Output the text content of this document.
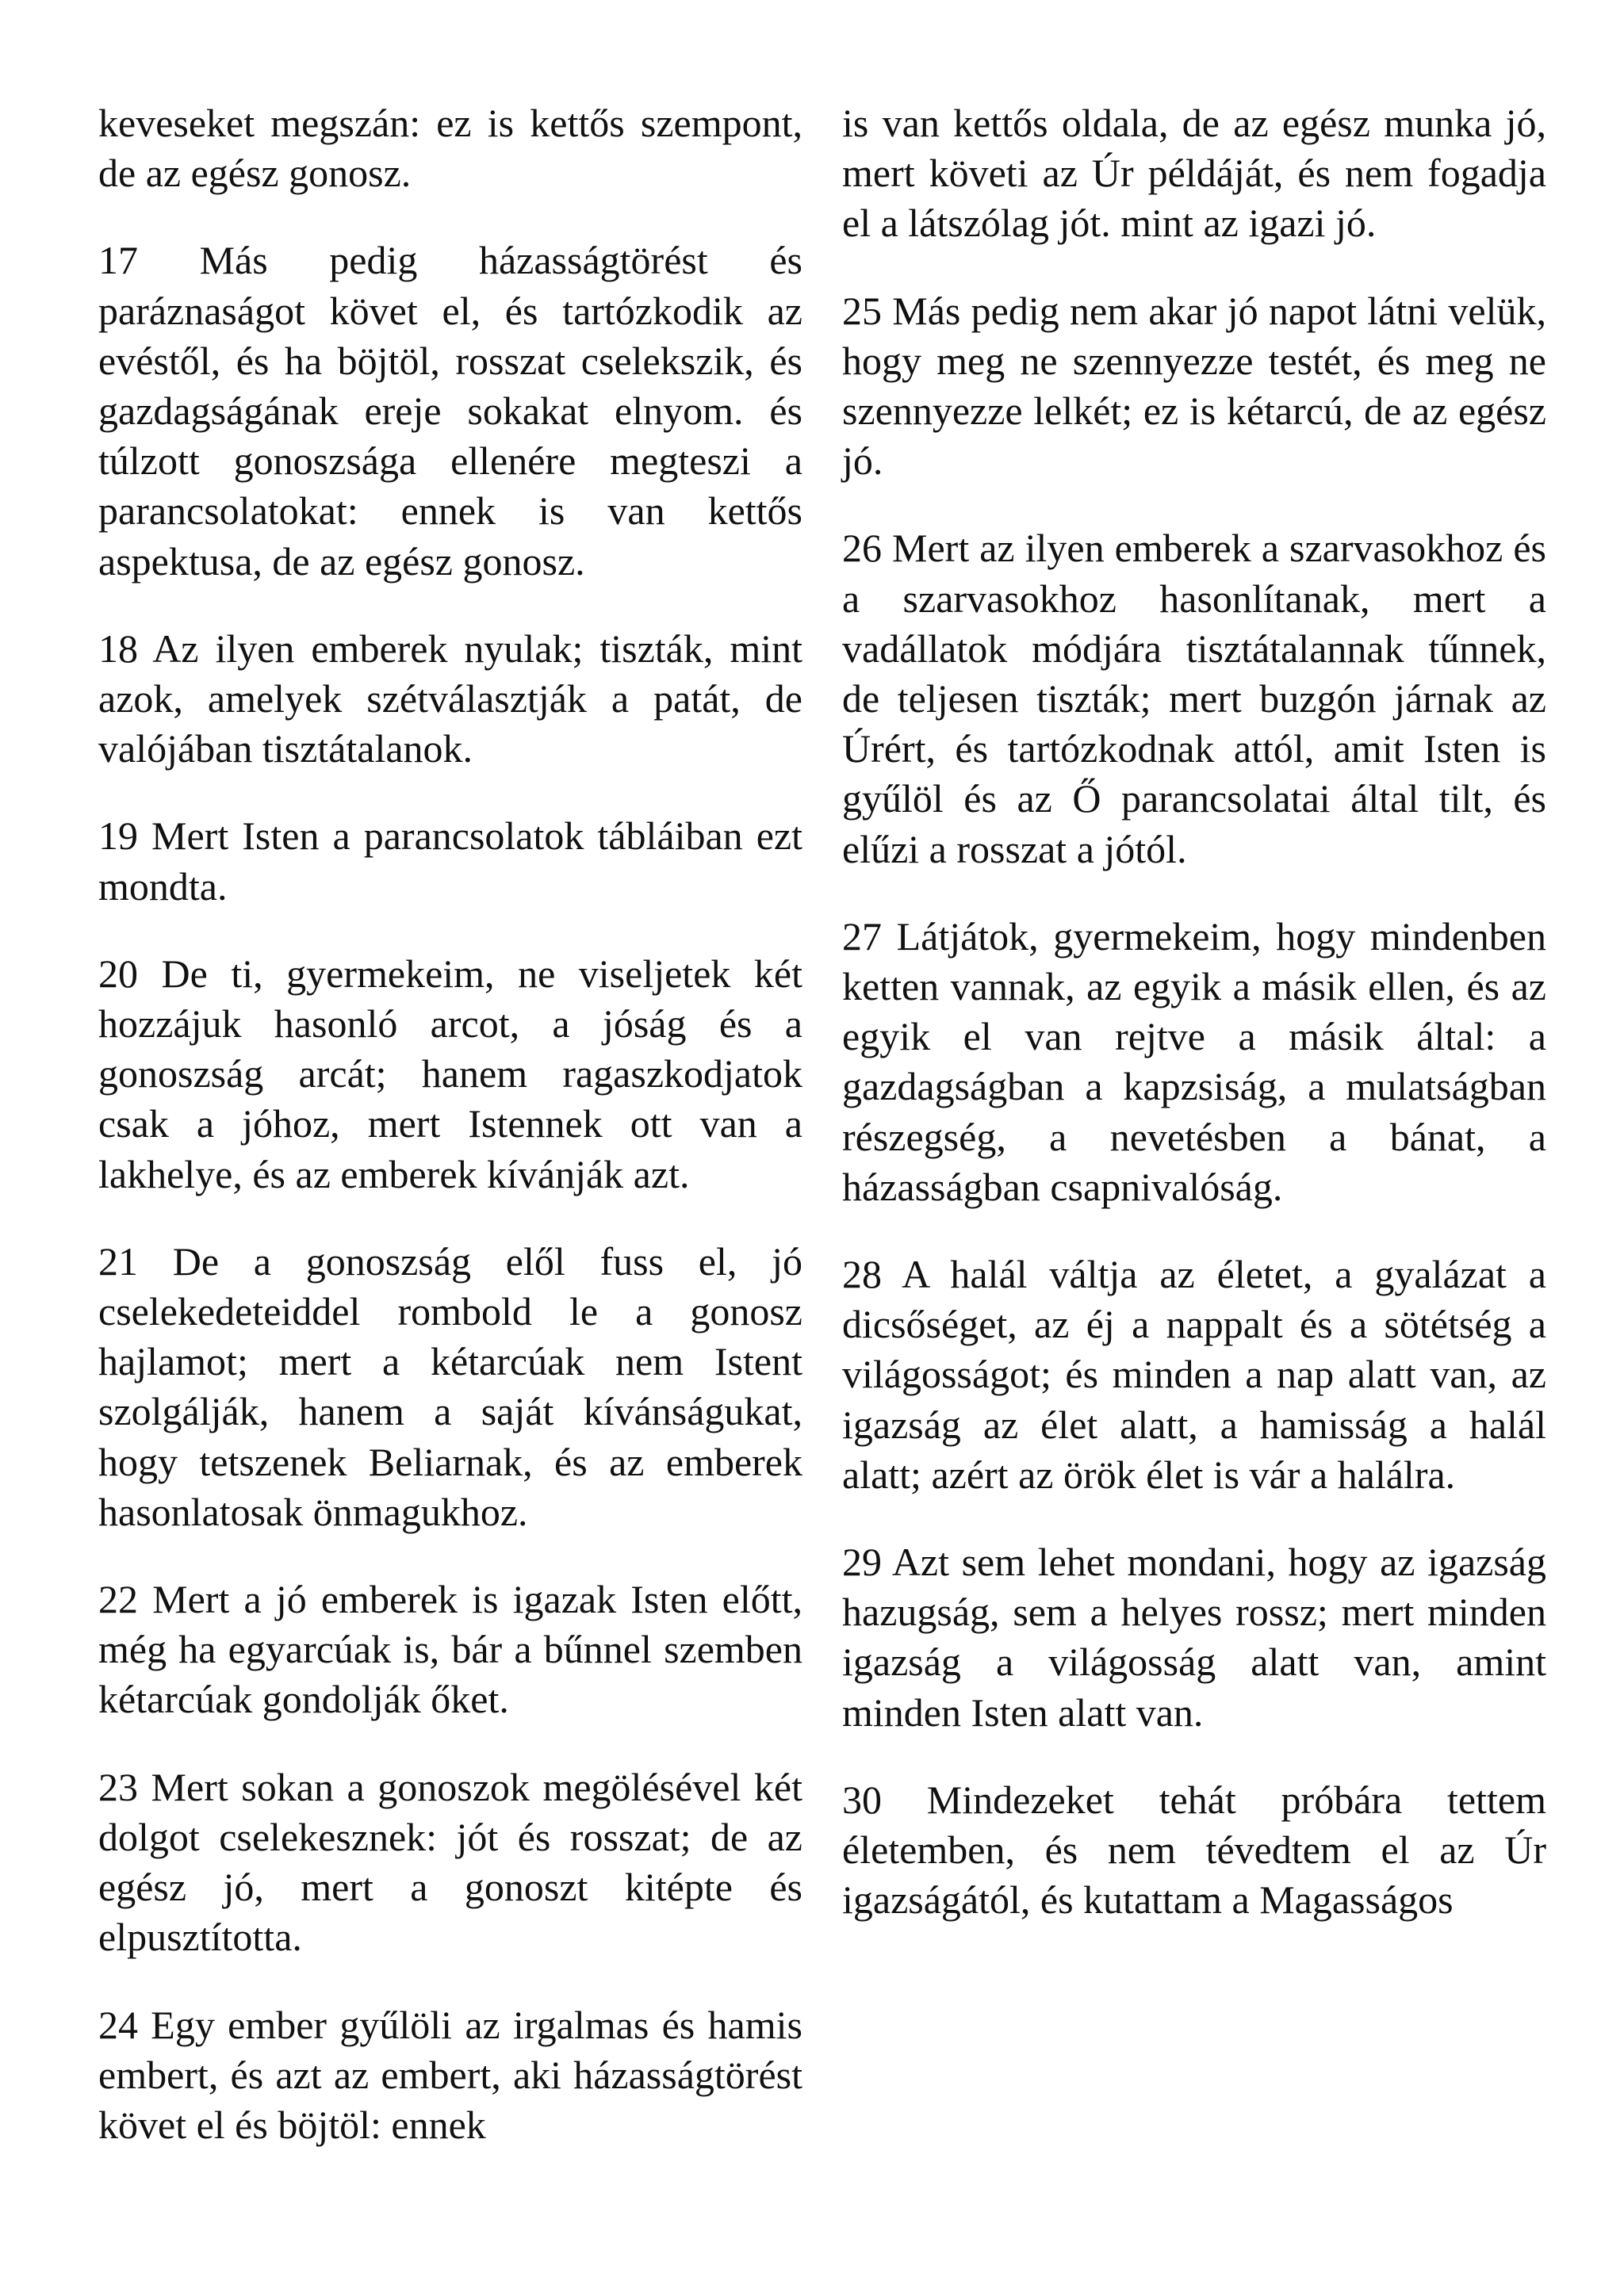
keveseket megszán: ez is kettős szempont, de az egész gonosz.

17 Más pedig házasságtörést és paráznaságot követ el, és tartózkodik az evéstől, és ha böjtöl, rosszat cselekszik, és gazdagságának ereje sokakat elnyom. és túlzott gonoszsága ellenére megteszi a parancsolatokat: ennek is van kettős aspektusa, de az egész gonosz.

18 Az ilyen emberek nyulak; tiszták, mint azok, amelyek szétválasztják a patát, de valójában tisztátalanok.

19 Mert Isten a parancsolatok tábláiban ezt mondta.

20 De ti, gyermekeim, ne viseljetek két hozzájuk hasonló arcot, a jóság és a gonoszság arcát; hanem ragaszkodjatok csak a jóhoz, mert Istennek ott van a lakhelye, és az emberek kívánják azt.

21 De a gonoszság elől fuss el, jó cselekedeteiddel rombold le a gonosz hajlamot; mert a kétarcúak nem Istent szolgálják, hanem a saját kívánságukat, hogy tetszenek Beliarnak, és az emberek hasonlatosak önmagukhoz.

22 Mert a jó emberek is igazak Isten előtt, még ha egyarcúak is, bár a bűnnel szemben kétarcúak gondolják őket.

23 Mert sokan a gonoszok megölésével két dolgot cselekesznek: jót és rosszat; de az egész jó, mert a gonoszt kitépte és elpusztította.

24 Egy ember gyűlöli az irgalmas és hamis embert, és azt az embert, aki házasságtörést követ el és böjtöl: ennek

is van kettős oldala, de az egész munka jó, mert követi az Úr példáját, és nem fogadja el a látszólag jót. mint az igazi jó.

25 Más pedig nem akar jó napot látni velük, hogy meg ne szennyezze testét, és meg ne szennyezze lelkét; ez is kétarcú, de az egész jó.

26 Mert az ilyen emberek a szarvasokhoz és a szarvasokhoz hasonlítanak, mert a vadállatok módjára tisztátalannak tűnnek, de teljesen tiszták; mert buzgón járnak az Úrért, és tartózkodnak attól, amit Isten is gyűlöl és az Ő parancsolatai által tilt, és elűzi a rosszat a jótól.

27 Látjátok, gyermekeim, hogy mindenben ketten vannak, az egyik a másik ellen, és az egyik el van rejtve a másik által: a gazdagságban a kapzsiság, a mulatságban részegség, a nevetésben a bánat, a házasságban csapnivalóság.

28 A halál váltja az életet, a gyalázat a dicsőséget, az éj a nappalt és a sötétség a világosságot; és minden a nap alatt van, az igazság az élet alatt, a hamisság a halál alatt; azért az örök élet is vár a halálra.

29 Azt sem lehet mondani, hogy az igazság hazugság, sem a helyes rossz; mert minden igazság a világosság alatt van, amint minden Isten alatt van.

30 Mindezeket tehát próbára tettem életemben, és nem tévedtem el az Úr igazságától, és kutattam a Magasságos
